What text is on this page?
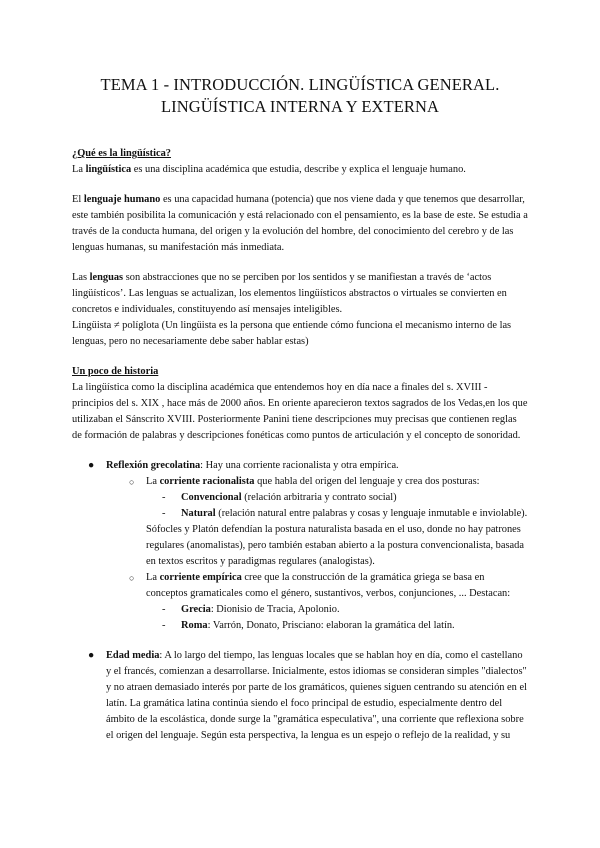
TEMA 1 - INTRODUCCIÓN. LINGÜÍSTICA GENERAL.
LINGÜÍSTICA INTERNA Y EXTERNA

¿Qué es la lingüística?

La lingüística es una disciplina académica que estudia, describe y explica el lenguaje humano.

El lenguaje humano es una capacidad humana (potencia) que nos viene dada y que tenemos que desarrollar, este también posibilita la comunicación y está relacionado con el pensamiento, es la base de este. Se estudia a través de la conducta humana, del origen y la evolución del hombre, del conocimiento del cerebro y de las lenguas humanas, su manifestación más inmediata.

Las lenguas son abstracciones que no se perciben por los sentidos y se manifiestan a través de ‘actos lingüísticos’. Las lenguas se actualizan, los elementos lingüísticos abstractos o virtuales se convierten en concretos e individuales, constituyendo así mensajes inteligibles.

Lingüista ≠ políglota (Un lingüista es la persona que entiende cómo funciona el mecanismo interno de las lenguas, pero no necesariamente debe saber hablar estas)

Un poco de historia

La lingüística como la disciplina académica que entendemos hoy en día nace a finales del s. XVIII - principios del s. XIX , hace más de 2000 años. En oriente aparecieron textos sagrados de los Vedas,en los que utilizaban el Sánscrito XVIII. Posteriormente Panini tiene descripciones muy precisas que contienen reglas de formación de palabras y descripciones fonéticas como puntos de articulación y el concepto de sonoridad.

● Reflexión grecolatina: Hay una corriente racionalista y otra empírica.
○ La corriente racionalista que habla del origen del lenguaje y crea dos posturas:
- Convencional (relación arbitraria y contrato social)
- Natural (relación natural entre palabras y cosas y lenguaje inmutable e inviolable).
Sófocles y Platón defendían la postura naturalista basada en el uso, donde no hay patrones regulares (anomalistas), pero también estaban abierto a la postura convencionalista, basada en textos escritos y paradigmas regulares (analogistas).
○ La corriente empírica cree que la construcción de la gramática griega se basa en conceptos gramaticales como el género, sustantivos, verbos, conjunciones, ... Destacan:
- Grecia: Dionisio de Tracia, Apolonio.
- Roma: Varrón, Donato, Prisciano: elaboran la gramática del latín.
● Edad media: A lo largo del tiempo, las lenguas locales que se hablan hoy en día, como el castellano y el francés, comienzan a desarrollarse. Inicialmente, estos idiomas se consideran simples "dialectos" y no atraen demasiado interés por parte de los gramáticos, quienes siguen centrando su atención en el latín. La gramática latina continúa siendo el foco principal de estudio, especialmente dentro del ámbito de la escolástica, donde surge la "gramática especulativa", una corriente que reflexiona sobre el origen del lenguaje. Según esta perspectiva, la lengua es un espejo o reflejo de la realidad, y su
